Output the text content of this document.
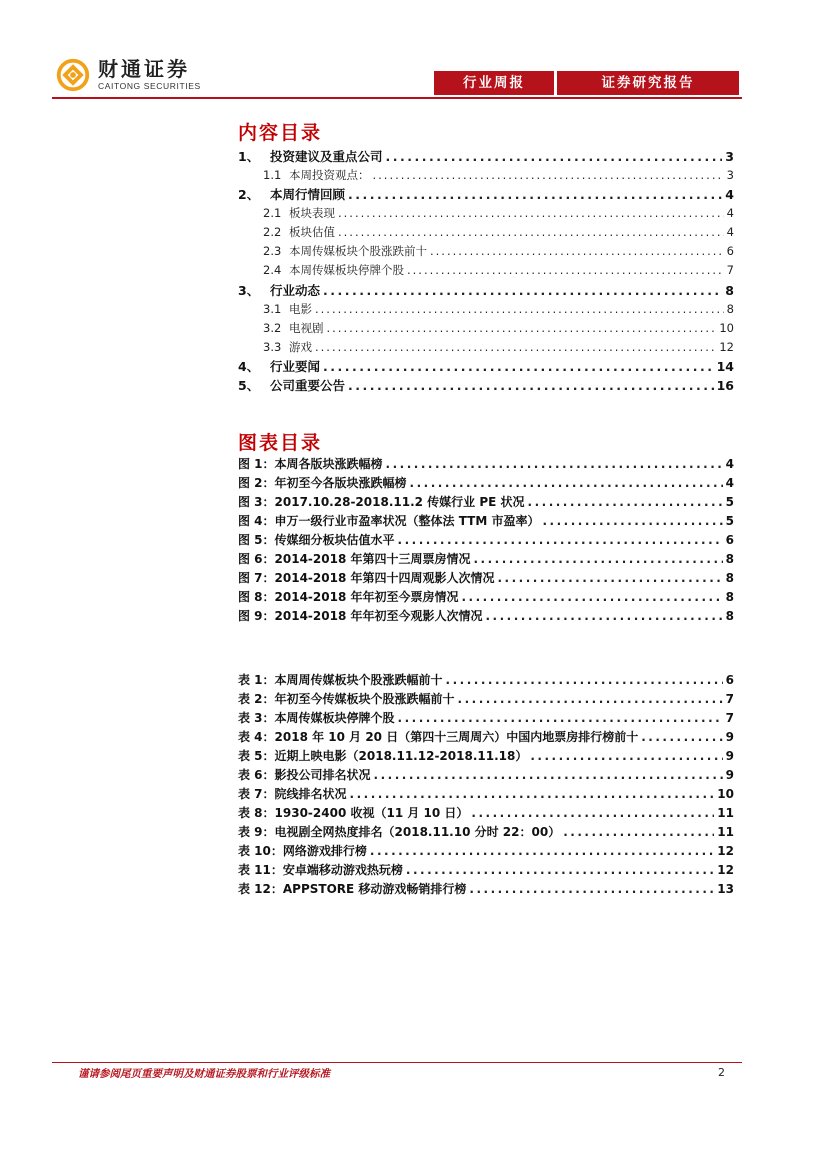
财通证券
CAITONG SECURITIES	行业周报	证券研究报告
内容目录
1、 投资建议及重点公司 .....	3
1.1 本周投资观点： .....	3
2、 本周行情回顾 .....	4
2.1 板块表现 .....	4
2.2 板块估值 .....	4
2.3 本周传媒板块个股涨跌前十 .....	6
2.4 本周传媒板块停牌个股 .....	7
3、 行业动态 .....	8
3.1 电影 .....	8
3.2 电视剧 .....	10
3.3 游戏 .....	12
4、 行业要闻 .....	14
5、 公司重要公告 .....	16
图表目录
图 1：本周各版块涨跌幅榜 .....	4
图 2：年初至今各版块涨跌幅榜 .....	4
图 3：2017.10.28-2018.11.2 传媒行业 PE 状况 .....	5
图 4：申万一级行业市盈率状况（整体法 TTM 市盈率） .....	5
图 5：传媒细分板块估值水平 .....	6
图 6：2014-2018 年第四十三周票房情况 .....	8
图 7：2014-2018 年第四十四周观影人次情况 .....	8
图 8：2014-2018 年年初至今票房情况 .....	8
图 9：2014-2018 年年初至今观影人次情况 .....	8
表 1：本周周传媒板块个股涨跌幅前十 .....	6
表 2：年初至今传媒板块个股涨跌幅前十 .....	7
表 3：本周传媒板块停牌个股 .....	7
表 4：2018 年 10 月 20 日（第四十三周周六）中国内地票房排行榜前十 .....	9
表 5：近期上映电影（2018.11.12-2018.11.18） .....	9
表 6：影投公司排名状况 .....	9
表 7：院线排名状况 .....	10
表 8：1930-2400 收视（11 月 10 日） .....	11
表 9：电视剧全网热度排名（2018.11.10 分时 22：00） .....	11
表 10：网络游戏排行榜 .....	12
表 11：安卓端移动游戏热玩榜 .....	12
表 12：APPSTORE 移动游戏畅销排行榜 .....	13
谨请参阅尾页重要声明及财通证券股票和行业评级标准	2
